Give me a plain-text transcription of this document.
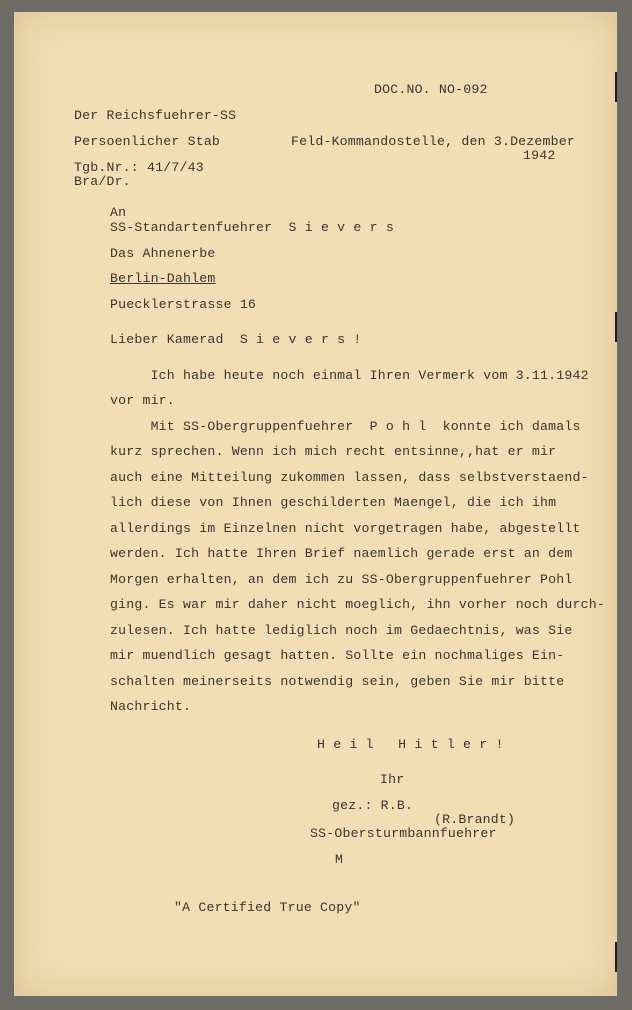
DOC.NO. NO-092
Der Reichsfuehrer-SS
Persoenlicher Stab	Feld-Kommandostelle, den 3.Dezember
1942
Tgb.Nr.: 41/7/43
Bra/Dr.
An
SS-Standartenfuehrer  S i e v e r s
Das Ahnenerbe
Berlin-Dahlem
Puecklerstrasse 16
Lieber Kamerad  S i e v e r s !
Ich habe heute noch einmal Ihren Vermerk vom 3.11.1942
vor mir.
Mit SS-Obergruppenfuehrer  P o h l  konnte ich damals
kurz sprechen. Wenn ich mich recht entsinne,,hat er mir
auch eine Mitteilung zukommen lassen, dass selbstverstaend-
lich diese von Ihnen geschilderten Maengel, die ich ihm
allerdings im Einzelnen nicht vorgetragen habe, abgestellt
werden. Ich hatte Ihren Brief naemlich gerade erst an dem
Morgen erhalten, an dem ich zu SS-Obergruppenfuehrer Pohl
ging. Es war mir daher nicht moeglich, ihn vorher noch durch-
zulesen. Ich hatte lediglich noch im Gedaechtnis, was Sie
mir muendlich gesagt hatten. Sollte ein nochmaliges Ein-
schalten meinerseits notwendig sein, geben Sie mir bitte
Nachricht.
H e i l   H i t l e r !
Ihr
gez.: R.B.
(R.Brandt)
SS-Obersturmbannfuehrer
M
"A Certified True Copy"
